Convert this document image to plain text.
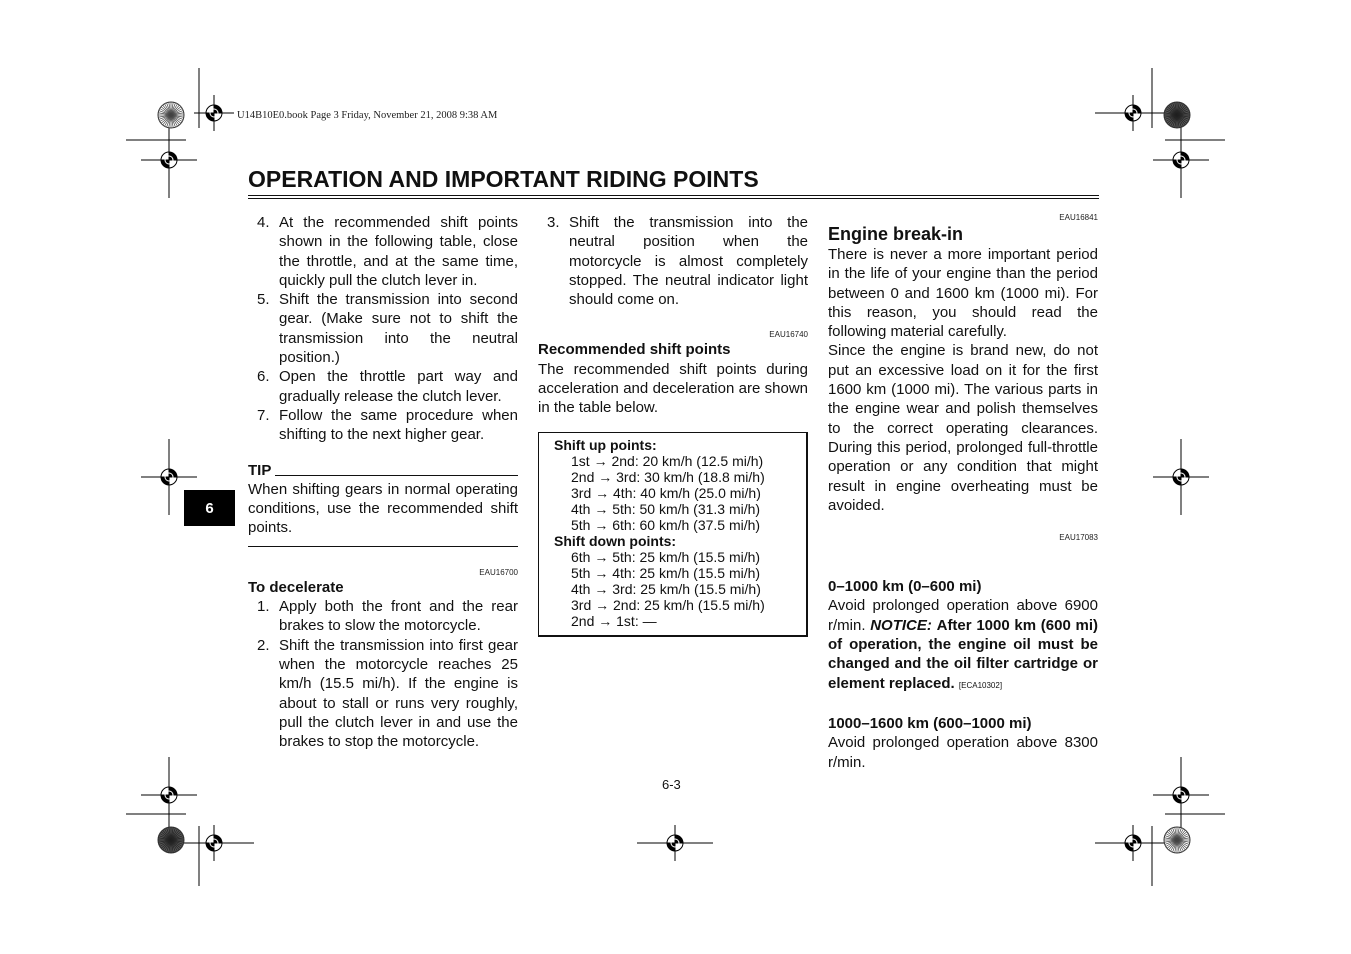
U14B10E0.book Page 3 Friday, November 21, 2008 9:38 AM
OPERATION AND IMPORTANT RIDING POINTS
6
4. At the recommended shift points shown in the following table, close the throttle, and at the same time, quickly pull the clutch lever in.
5. Shift the transmission into second gear. (Make sure not to shift the transmission into the neutral position.)
6. Open the throttle part way and gradually release the clutch lever.
7. Follow the same procedure when shifting to the next higher gear.
TIP
When shifting gears in normal operating conditions, use the recommended shift points.
EAU16700
To decelerate
1. Apply both the front and the rear brakes to slow the motorcycle.
2. Shift the transmission into first gear when the motorcycle reaches 25 km/h (15.5 mi/h). If the engine is about to stall or runs very roughly, pull the clutch lever in and use the brakes to stop the motorcycle.
3. Shift the transmission into the neutral position when the motorcycle is almost completely stopped. The neutral indicator light should come on.
EAU16740
Recommended shift points
The recommended shift points during acceleration and deceleration are shown in the table below.
Shift up points:
1st → 2nd: 20 km/h (12.5 mi/h)
2nd → 3rd: 30 km/h (18.8 mi/h)
3rd → 4th: 40 km/h (25.0 mi/h)
4th → 5th: 50 km/h (31.3 mi/h)
5th → 6th: 60 km/h (37.5 mi/h)
Shift down points:
6th → 5th: 25 km/h (15.5 mi/h)
5th → 4th: 25 km/h (15.5 mi/h)
4th → 3rd: 25 km/h (15.5 mi/h)
3rd → 2nd: 25 km/h (15.5 mi/h)
2nd → 1st: —
EAU16841
Engine break-in
There is never a more important period in the life of your engine than the period between 0 and 1600 km (1000 mi). For this reason, you should read the following material carefully.
Since the engine is brand new, do not put an excessive load on it for the first 1600 km (1000 mi). The various parts in the engine wear and polish themselves to the correct operating clearances. During this period, prolonged full-throttle operation or any condition that might result in engine overheating must be avoided.
EAU17083
0–1000 km (0–600 mi)
Avoid prolonged operation above 6900 r/min. NOTICE: After 1000 km (600 mi) of operation, the engine oil must be changed and the oil filter cartridge or element replaced. [ECA10302]
1000–1600 km (600–1000 mi)
Avoid prolonged operation above 8300 r/min.
6-3
